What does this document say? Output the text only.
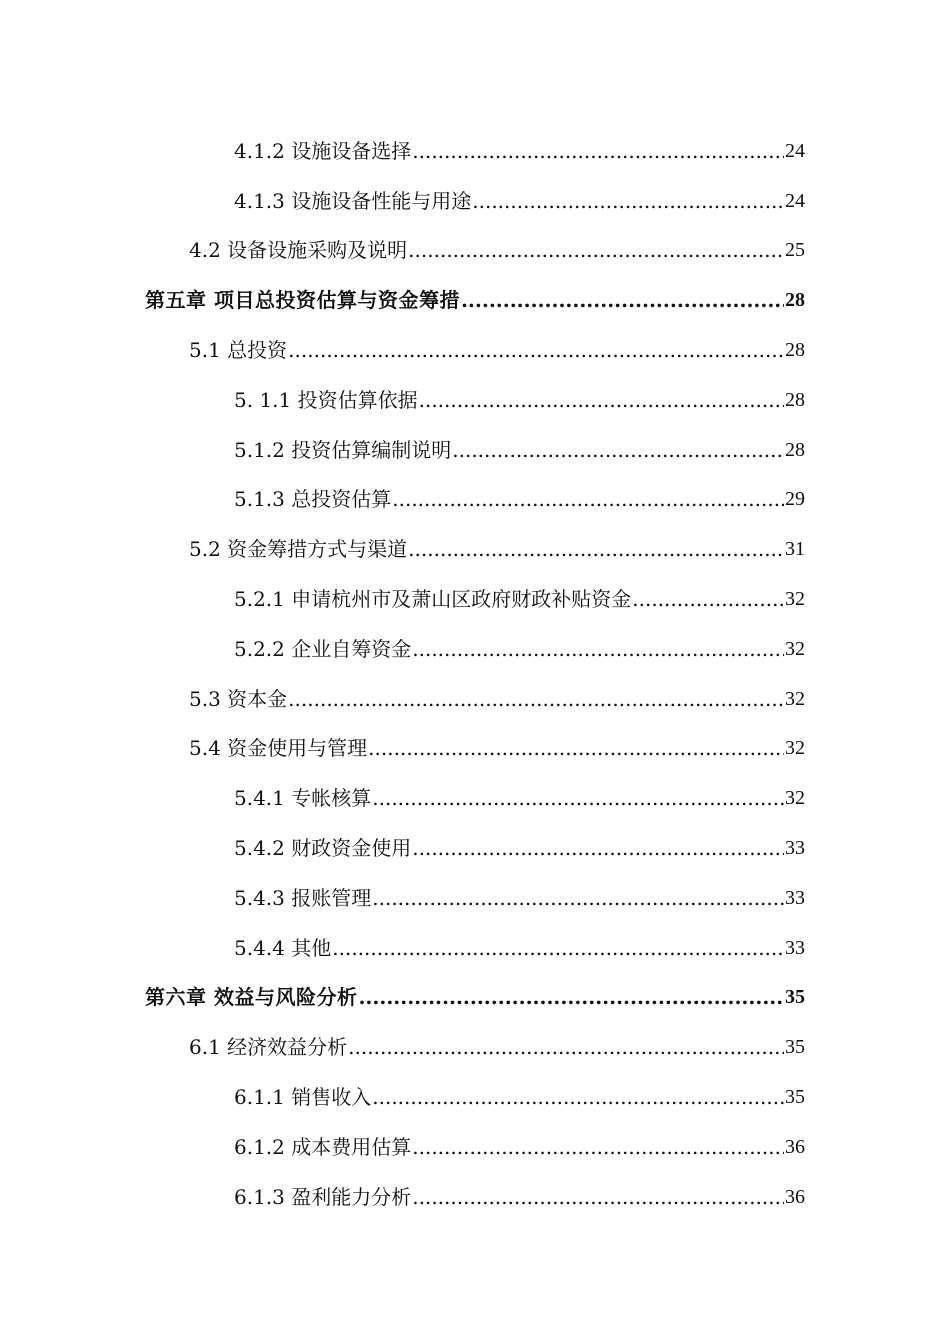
4.1.2 设施设备选择 .....	24
4.1.3 设施设备性能与用途 .....	24
4.2 设备设施采购及说明 .....	25
第五章 项目总投资估算与资金筹措 .....	28
5.1 总投资 .....	28
5. 1.1 投资估算依据 .....	28
5.1.2 投资估算编制说明 .....	28
5.1.3 总投资估算 .....	29
5.2 资金筹措方式与渠道 .....	31
5.2.1 申请杭州市及萧山区政府财政补贴资金 .....	32
5.2.2 企业自筹资金 .....	32
5.3 资本金 .....	32
5.4 资金使用与管理 .....	32
5.4.1 专帐核算 .....	32
5.4.2 财政资金使用 .....	33
5.4.3 报账管理 .....	33
5.4.4 其他 .....	33
第六章 效益与风险分析 .....	35
6.1 经济效益分析 .....	35
6.1.1 销售收入 .....	35
6.1.2 成本费用估算 .....	36
6.1.3 盈利能力分析 .....	36
